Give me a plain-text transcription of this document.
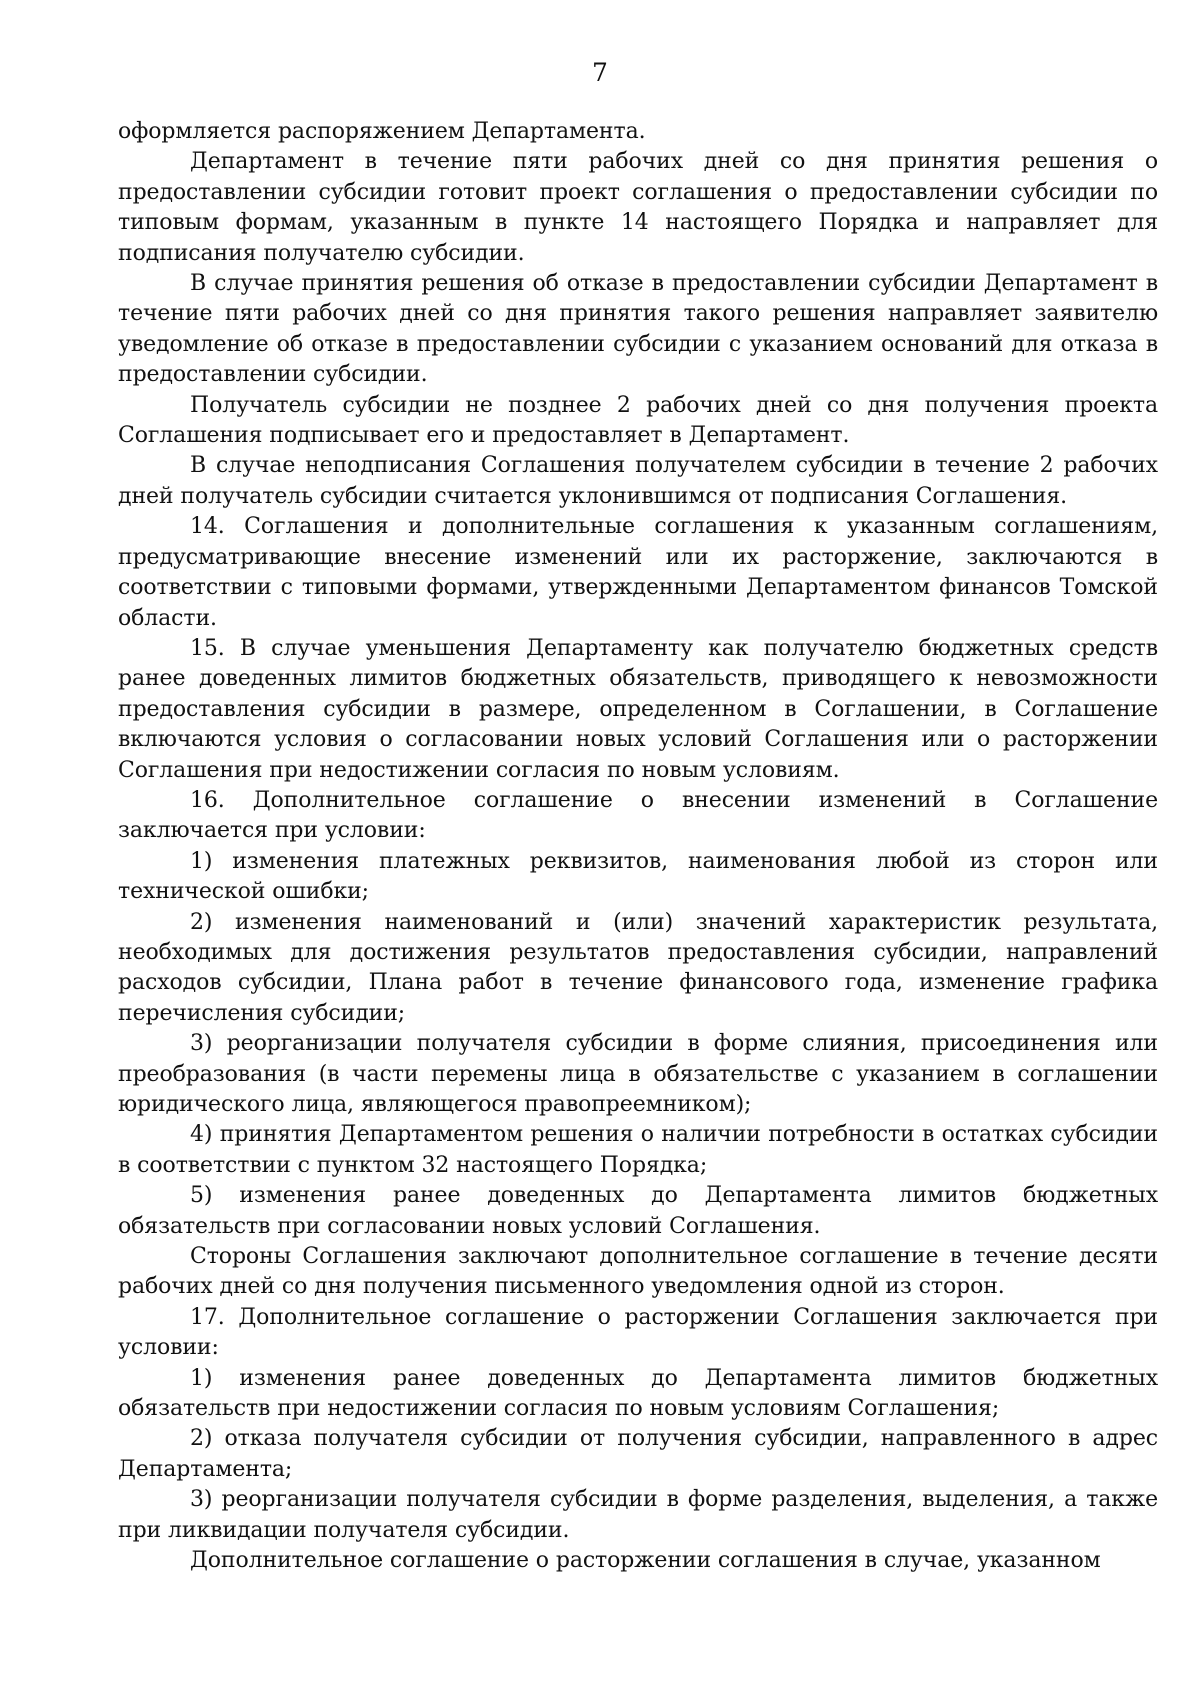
7

оформляется распоряжением Департамента.

Департамент в течение пяти рабочих дней со дня принятия решения о предоставлении субсидии готовит проект соглашения о предоставлении субсидии по типовым формам, указанным в пункте 14 настоящего Порядка и направляет для подписания получателю субсидии.

В случае принятия решения об отказе в предоставлении субсидии Департамент в течение пяти рабочих дней со дня принятия такого решения направляет заявителю уведомление об отказе в предоставлении субсидии с указанием оснований для отказа в предоставлении субсидии.

Получатель субсидии не позднее 2 рабочих дней со дня получения проекта Соглашения подписывает его и предоставляет в Департамент.

В случае неподписания Соглашения получателем субсидии в течение 2 рабочих дней получатель субсидии считается уклонившимся от подписания Соглашения.

14. Соглашения и дополнительные соглашения к указанным соглашениям, предусматривающие внесение изменений или их расторжение, заключаются в соответствии с типовыми формами, утвержденными Департаментом финансов Томской области.

15. В случае уменьшения Департаменту как получателю бюджетных средств ранее доведенных лимитов бюджетных обязательств, приводящего к невозможности предоставления субсидии в размере, определенном в Соглашении, в Соглашение включаются условия о согласовании новых условий Соглашения или о расторжении Соглашения при недостижении согласия по новым условиям.

16. Дополнительное соглашение о внесении изменений в Соглашение заключается при условии:

1) изменения платежных реквизитов, наименования любой из сторон или технической ошибки;

2) изменения наименований и (или) значений характеристик результата, необходимых для достижения результатов предоставления субсидии, направлений расходов субсидии, Плана работ в течение финансового года, изменение графика перечисления субсидии;

3) реорганизации получателя субсидии в форме слияния, присоединения или преобразования (в части перемены лица в обязательстве с указанием в соглашении юридического лица, являющегося правопреемником);

4) принятия Департаментом решения о наличии потребности в остатках субсидии в соответствии с пунктом 32 настоящего Порядка;

5) изменения ранее доведенных до Департамента лимитов бюджетных обязательств при согласовании новых условий Соглашения.

Стороны Соглашения заключают дополнительное соглашение в течение десяти рабочих дней со дня получения письменного уведомления одной из сторон.

17. Дополнительное соглашение о расторжении Соглашения заключается при условии:

1) изменения ранее доведенных до Департамента лимитов бюджетных обязательств при недостижении согласия по новым условиям Соглашения;

2) отказа получателя субсидии от получения субсидии, направленного в адрес Департамента;

3) реорганизации получателя субсидии в форме разделения, выделения, а также при ликвидации получателя субсидии.

Дополнительное соглашение о расторжении соглашения в случае, указанном
